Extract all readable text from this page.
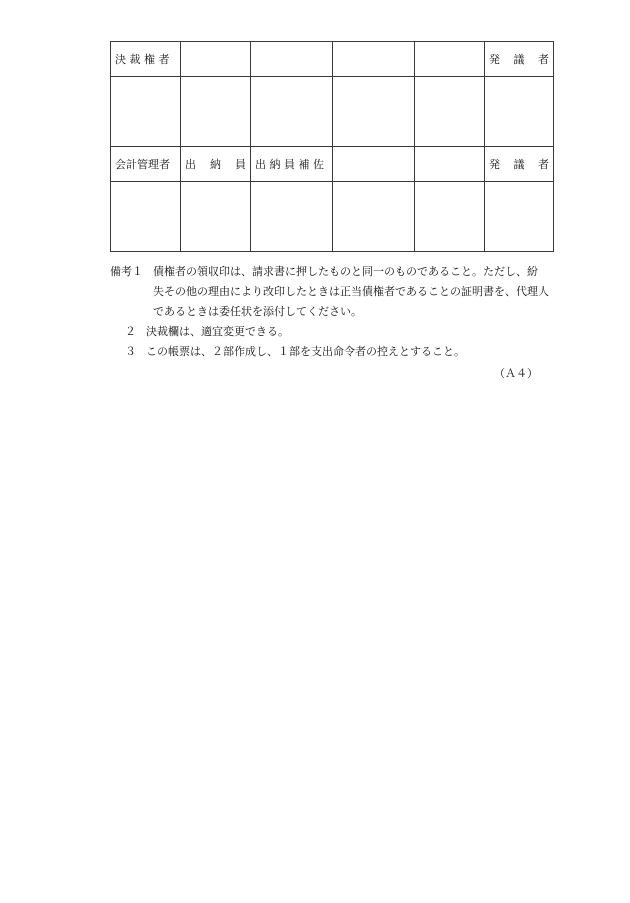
決 裁 権 者					発　議　者

会計管理者	出　納　員	出 納 員 補 佐			発　議　者

備考１ 債権者の領収印は、請求書に押したものと同一のものであること。ただし、紛
失その他の理由により改印したときは正当債権者であることの証明書を、代理人
であるときは委任状を添付してください。
２ 決裁欄は、適宜変更できる。
３ この帳票は、２部作成し、１部を支出命令者の控えとすること。
（Ａ４）
